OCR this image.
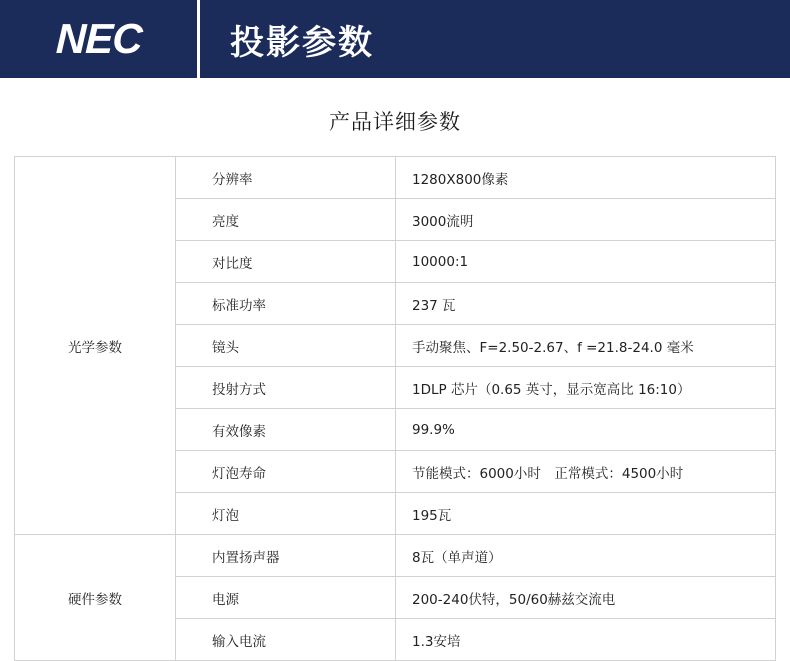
NEC	投影参数
产品详细参数
光学参数	分辨率	1280X800像素
	亮度	3000流明
	对比度	10000:1
	标准功率	237 瓦
	镜头	手动聚焦、F=2.50-2.67、f =21.8-24.0 毫米
	投射方式	1DLP 芯片（0.65 英寸，显示宽高比 16:10）
	有效像素	99.9%
	灯泡寿命	节能模式：6000小时　正常模式：4500小时
	灯泡	195瓦
硬件参数	内置扬声器	8瓦（单声道）
	电源	200-240伏特，50/60赫兹交流电
	输入电流	1.3安培
